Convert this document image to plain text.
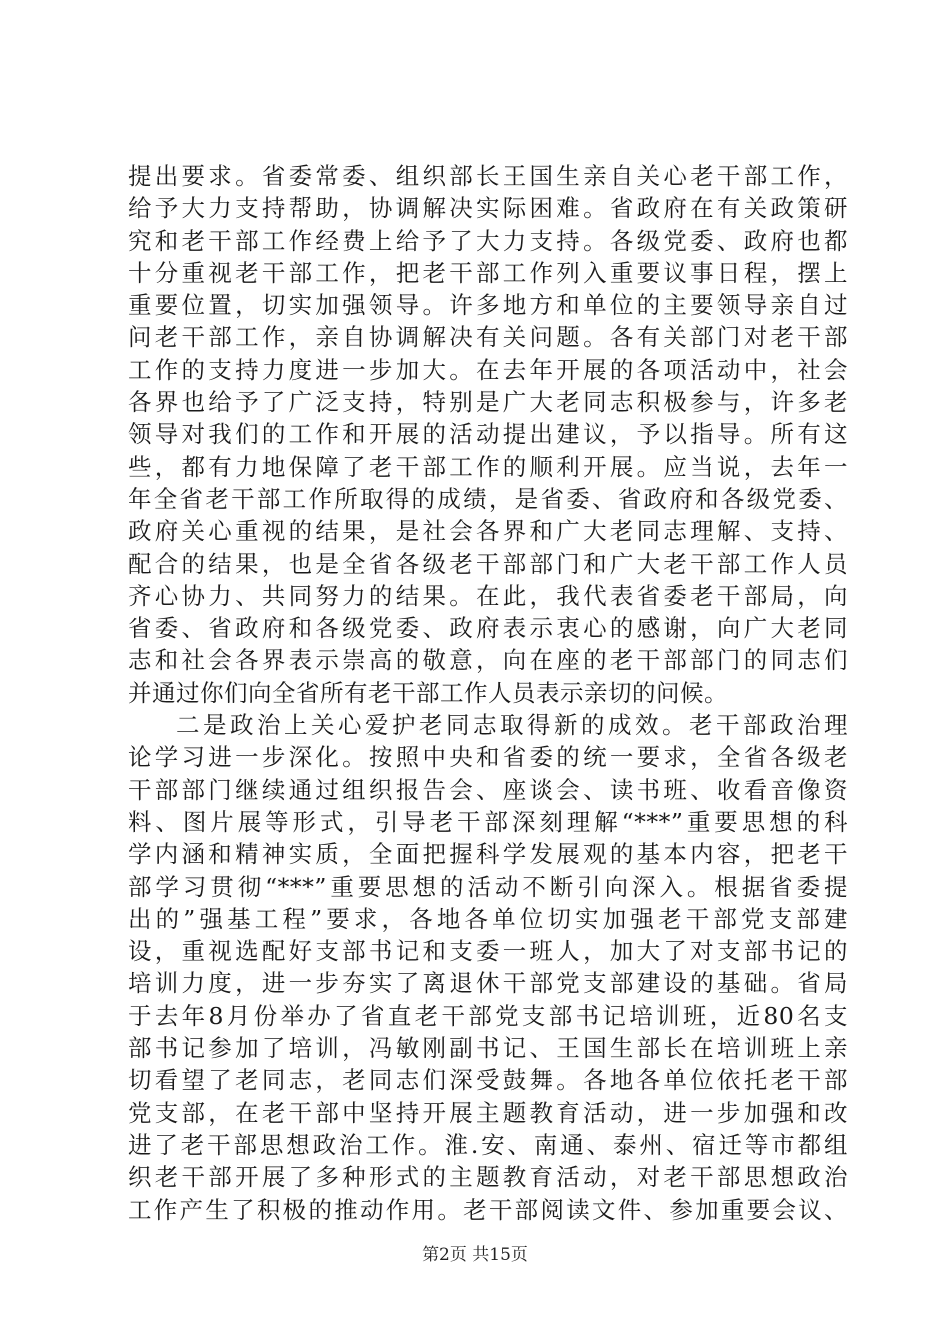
提出要求。省委常委、组织部长王国生亲自关心老干部工作，
给予大力支持帮助，协调解决实际困难。省政府在有关政策研
究和老干部工作经费上给予了大力支持。各级党委、政府也都
十分重视老干部工作，把老干部工作列入重要议事日程，摆上
重要位置，切实加强领导。许多地方和单位的主要领导亲自过
问老干部工作，亲自协调解决有关问题。各有关部门对老干部
工作的支持力度进一步加大。在去年开展的各项活动中，社会
各界也给予了广泛支持，特别是广大老同志积极参与，许多老
领导对我们的工作和开展的活动提出建议，予以指导。所有这
些，都有力地保障了老干部工作的顺利开展。应当说，去年一
年全省老干部工作所取得的成绩，是省委、省政府和各级党委、
政府关心重视的结果，是社会各界和广大老同志理解、支持、
配合的结果，也是全省各级老干部部门和广大老干部工作人员
齐心协力、共同努力的结果。在此，我代表省委老干部局，向
省委、省政府和各级党委、政府表示衷心的感谢，向广大老同
志和社会各界表示崇高的敬意，向在座的老干部部门的同志们
并通过你们向全省所有老干部工作人员表示亲切的问候。
二是政治上关心爱护老同志取得新的成效。老干部政治理
论学习进一步深化。按照中央和省委的统一要求，全省各级老
干部部门继续通过组织报告会、座谈会、读书班、收看音像资
料、图片展等形式，引导老干部深刻理解“***”重要思想的科
学内涵和精神实质，全面把握科学发展观的基本内容，把老干
部学习贯彻“***”重要思想的活动不断引向深入。根据省委提
出的”强基工程”要求，各地各单位切实加强老干部党支部建
设，重视选配好支部书记和支委一班人，加大了对支部书记的
培训力度，进一步夯实了离退休干部党支部建设的基础。省局
于去年8月份举办了省直老干部党支部书记培训班，近80名支
部书记参加了培训，冯敏刚副书记、王国生部长在培训班上亲
切看望了老同志，老同志们深受鼓舞。各地各单位依托老干部
党支部，在老干部中坚持开展主题教育活动，进一步加强和改
进了老干部思想政治工作。淮.安、南通、泰州、宿迁等市都组
织老干部开展了多种形式的主题教育活动，对老干部思想政治
工作产生了积极的推动作用。老干部阅读文件、参加重要会议、
第2页 共15页
